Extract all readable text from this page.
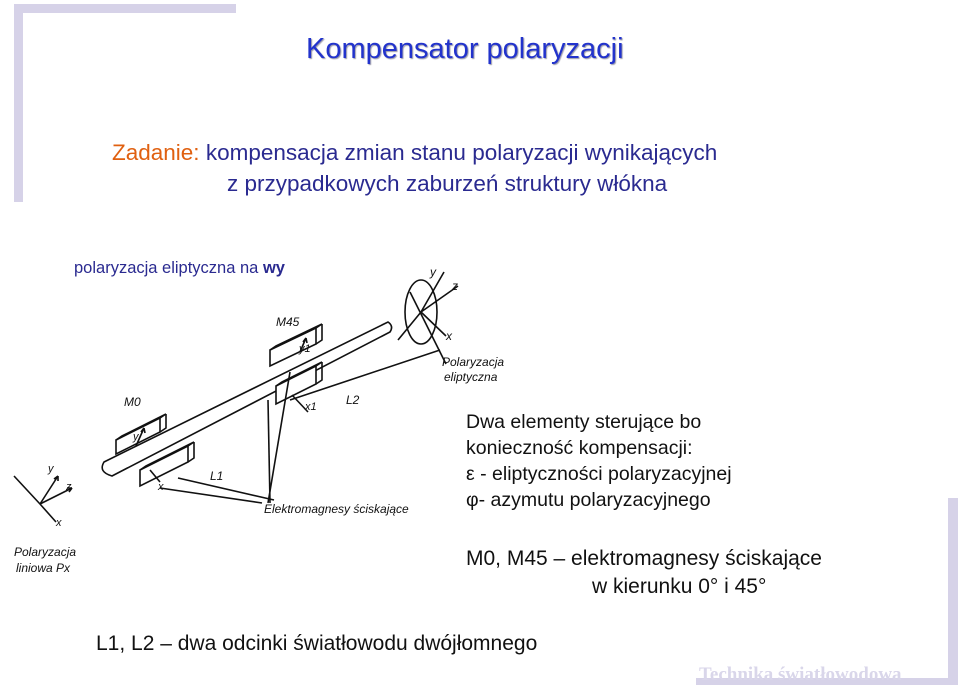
Kompensator polaryzacji
Zadanie: kompensacja zmian stanu polaryzacji wynikających
z przypadkowych zaburzeń struktury włókna
polaryzacja eliptyczna na wy
M45
y1
x1 L2
M0
y
x
L1
Elektromagnesy ściskające
y
z
x
Polaryzacja
eliptyczna
y
z
x
Polaryzacja
liniowa Px
Dwa elementy sterujące bo
konieczność kompensacji:
ε - eliptyczności polaryzacyjnej
φ- azymutu polaryzacyjnego
M0, M45 – elektromagnesy ściskające
w kierunku 0° i 45°
L1, L2 – dwa odcinki światłowodu dwójłomnego
Technika światłowodowa
